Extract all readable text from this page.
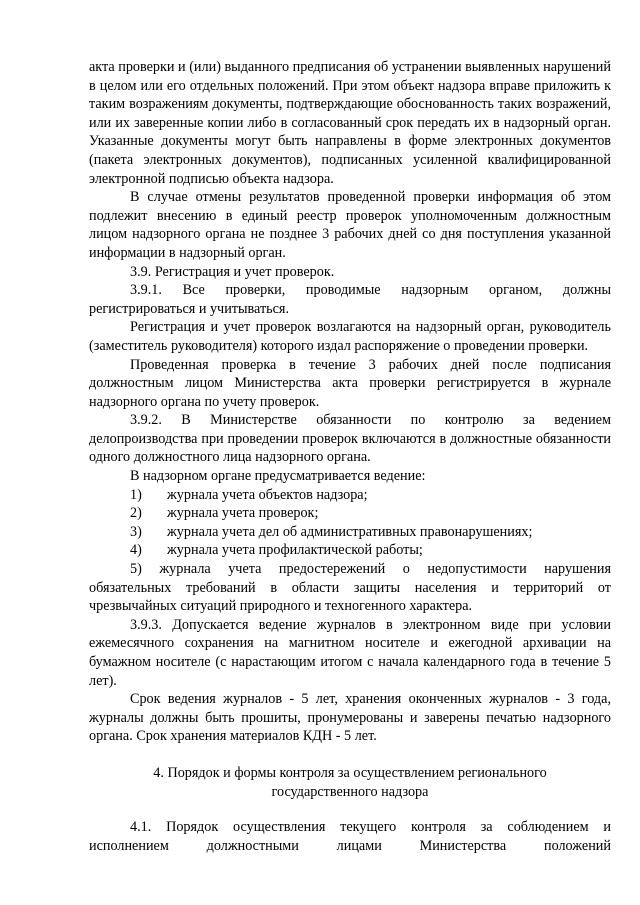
акта проверки и (или) выданного предписания об устранении выявленных нарушений в целом или его отдельных положений. При этом объект надзора вправе приложить к таким возражениям документы, подтверждающие обоснованность таких возражений, или их заверенные копии либо в согласованный срок передать их в надзорный орган. Указанные документы могут быть направлены в форме электронных документов (пакета электронных документов), подписанных усиленной квалифицированной электронной подписью объекта надзора.

В случае отмены результатов проведенной проверки информация об этом подлежит внесению в единый реестр проверок уполномоченным должностным лицом надзорного органа не позднее 3 рабочих дней со дня поступления указанной информации в надзорный орган.

3.9. Регистрация и учет проверок.

3.9.1. Все проверки, проводимые надзорным органом, должны регистрироваться и учитываться.

Регистрация и учет проверок возлагаются на надзорный орган, руководитель (заместитель руководителя) которого издал распоряжение о проведении проверки.

Проведенная проверка в течение 3 рабочих дней после подписания должностным лицом Министерства акта проверки регистрируется в журнале надзорного органа по учету проверок.

3.9.2. В Министерстве обязанности по контролю за ведением делопроизводства при проведении проверок включаются в должностные обязанности одного должностного лица надзорного органа.

В надзорном органе предусматривается ведение:

1)	журнала учета объектов надзора;
2)	журнала учета проверок;
3)	журнала учета дел об административных правонарушениях;
4)	журнала учета профилактической работы;

5) журнала учета предостережений о недопустимости нарушения обязательных требований в области защиты населения и территорий от чрезвычайных ситуаций природного и техногенного характера.

3.9.3. Допускается ведение журналов в электронном виде при условии ежемесячного сохранения на магнитном носителе и ежегодной архивации на бумажном носителе (с нарастающим итогом с начала календарного года в течение 5 лет).

Срок ведения журналов - 5 лет, хранения оконченных журналов - 3 года, журналы должны быть прошиты, пронумерованы и заверены печатью надзорного органа. Срок хранения материалов КДН - 5 лет.

4. Порядок и формы контроля за осуществлением регионального

государственного надзора

4.1. Порядок осуществления текущего контроля за соблюдением и исполнением должностными лицами Министерства положений
